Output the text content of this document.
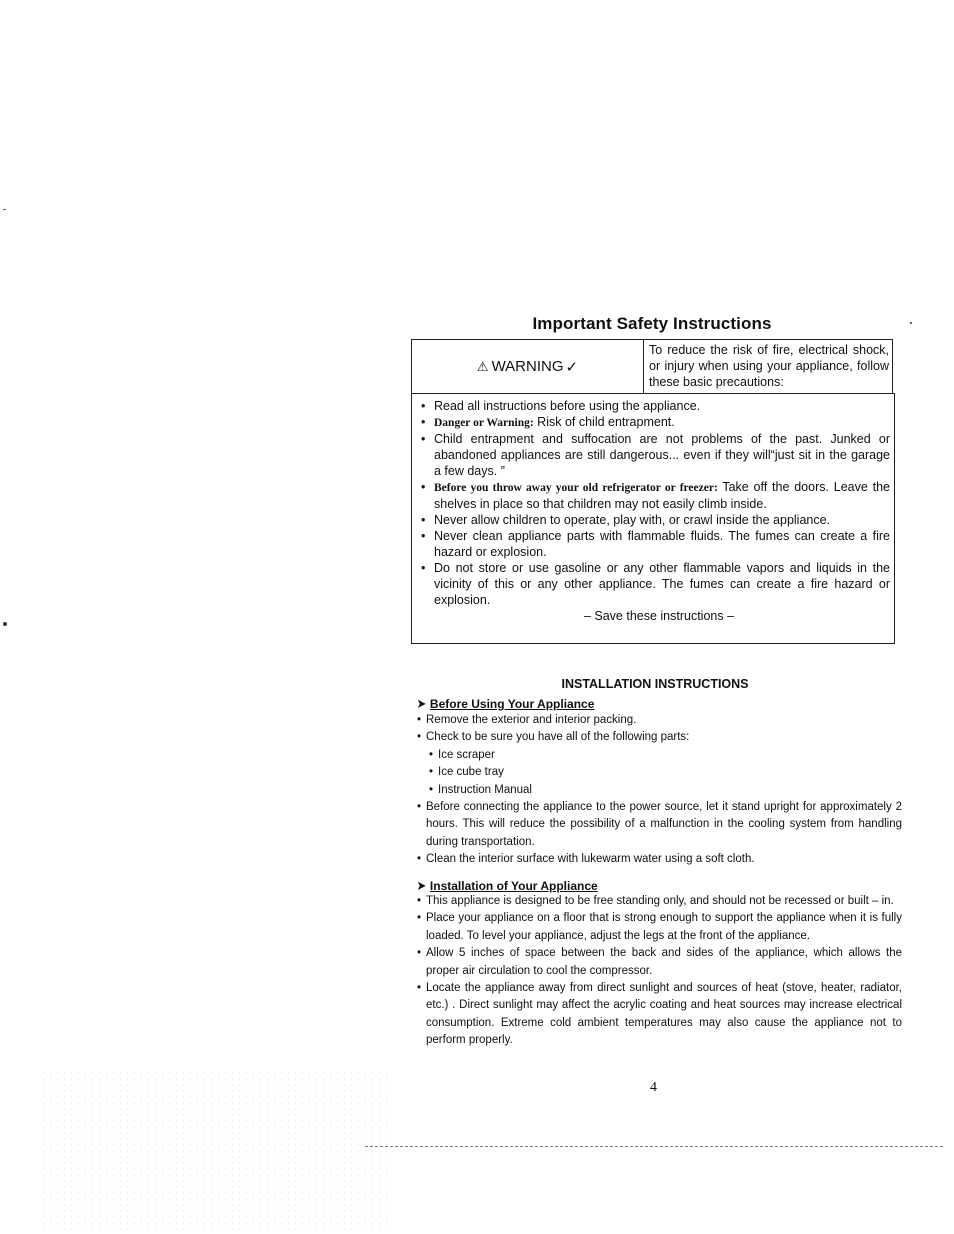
Important Safety Instructions
⚠ WARNING ✓
To reduce the risk of fire, electrical shock, or injury when using your appliance, follow these basic precautions:
• Read all instructions before using the appliance.
• Danger or Warning: Risk of child entrapment.
• Child entrapment and suffocation are not problems of the past. Junked or abandoned appliances are still dangerous... even if they will“just sit in the garage a few days. ”
• Before you throw away your old refrigerator or freezer: Take off the doors. Leave the shelves in place so that children may not easily climb inside.
• Never allow children to operate, play with, or crawl inside the appliance.
• Never clean appliance parts with flammable fluids. The fumes can create a fire hazard or explosion.
• Do not store or use gasoline or any other flammable vapors and liquids in the vicinity of this or any other appliance. The fumes can create a fire hazard or explosion.
– Save these instructions –
INSTALLATION INSTRUCTIONS
➤ Before Using Your Appliance
• Remove the exterior and interior packing.
• Check to be sure you have all of the following parts:
• Ice scraper
• Ice cube tray
• Instruction Manual
• Before connecting the appliance to the power source, let it stand upright for approximately 2 hours. This will reduce the possibility of a malfunction in the cooling system from handling during transportation.
• Clean the interior surface with lukewarm water using a soft cloth.
➤ Installation of Your Appliance
• This appliance is designed to be free standing only, and should not be recessed or built – in.
• Place your appliance on a floor that is strong enough to support the appliance when it is fully loaded. To level your appliance, adjust the legs at the front of the appliance.
• Allow 5 inches of space between the back and sides of the appliance, which allows the proper air circulation to cool the compressor.
• Locate the appliance away from direct sunlight and sources of heat (stove, heater, radiator, etc.) . Direct sunlight may affect the acrylic coating and heat sources may increase electrical consumption. Extreme cold ambient temperatures may also cause the appliance not to perform properly.
4
